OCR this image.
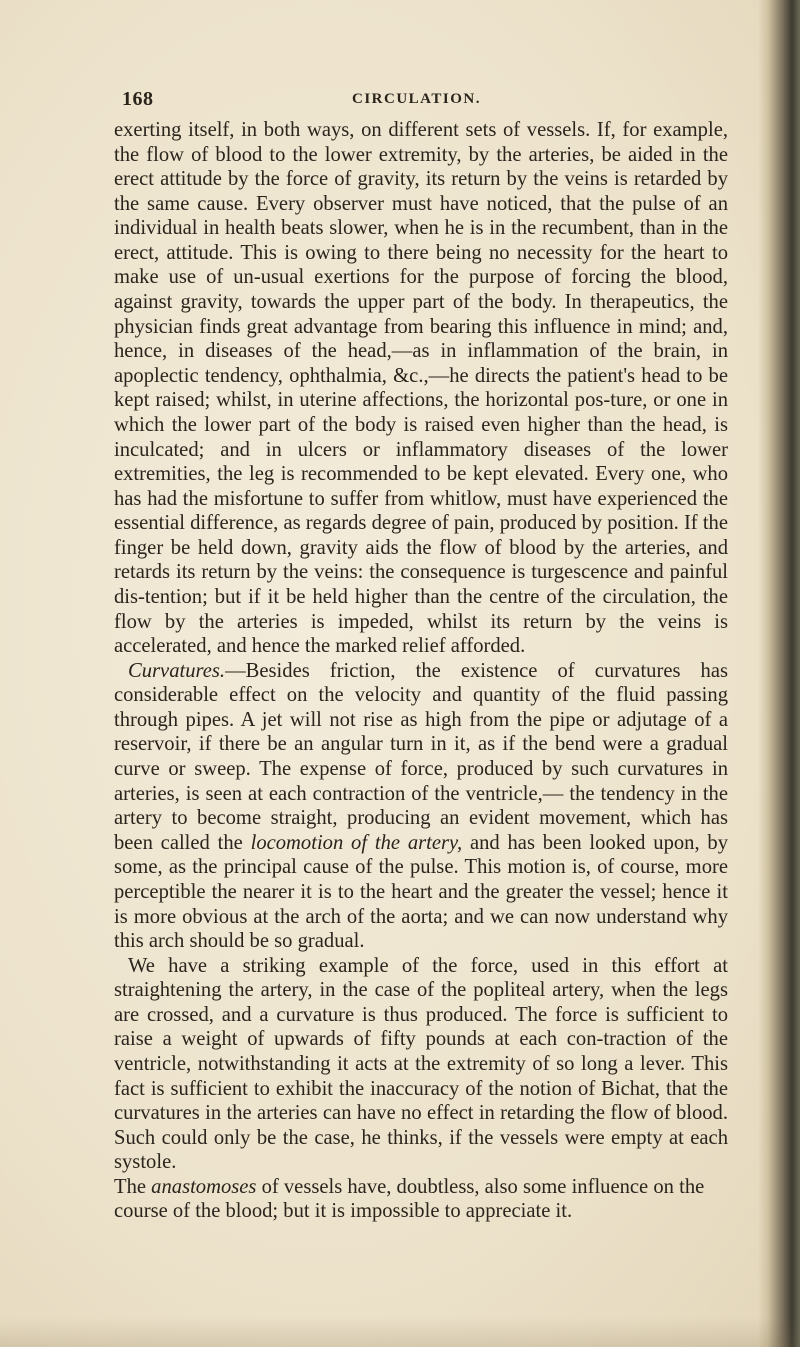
168	CIRCULATION.

exerting itself, in both ways, on different sets of vessels. If, for example, the flow of blood to the lower extremity, by the arteries, be aided in the erect attitude by the force of gravity, its return by the veins is retarded by the same cause. Every observer must have noticed, that the pulse of an individual in health beats slower, when he is in the recumbent, than in the erect, attitude. This is owing to there being no necessity for the heart to make use of un-usual exertions for the purpose of forcing the blood, against gravity, towards the upper part of the body. In therapeutics, the physician finds great advantage from bearing this influence in mind; and, hence, in diseases of the head,—as in inflammation of the brain, in apoplectic tendency, ophthalmia, &c.,—he directs the patient's head to be kept raised; whilst, in uterine affections, the horizontal pos-ture, or one in which the lower part of the body is raised even higher than the head, is inculcated; and in ulcers or inflammatory diseases of the lower extremities, the leg is recommended to be kept elevated. Every one, who has had the misfortune to suffer from whitlow, must have experienced the essential difference, as regards degree of pain, produced by position. If the finger be held down, gravity aids the flow of blood by the arteries, and retards its return by the veins: the consequence is turgescence and painful dis-tention; but if it be held higher than the centre of the circulation, the flow by the arteries is impeded, whilst its return by the veins is accelerated, and hence the marked relief afforded.

Curvatures.—Besides friction, the existence of curvatures has considerable effect on the velocity and quantity of the fluid passing through pipes. A jet will not rise as high from the pipe or adjutage of a reservoir, if there be an angular turn in it, as if the bend were a gradual curve or sweep. The expense of force, produced by such curvatures in arteries, is seen at each contraction of the ventricle,— the tendency in the artery to become straight, producing an evident movement, which has been called the locomotion of the artery, and has been looked upon, by some, as the principal cause of the pulse. This motion is, of course, more perceptible the nearer it is to the heart and the greater the vessel; hence it is more obvious at the arch of the aorta; and we can now understand why this arch should be so gradual.

We have a striking example of the force, used in this effort at straightening the artery, in the case of the popliteal artery, when the legs are crossed, and a curvature is thus produced. The force is sufficient to raise a weight of upwards of fifty pounds at each con-traction of the ventricle, notwithstanding it acts at the extremity of so long a lever. This fact is sufficient to exhibit the inaccuracy of the notion of Bichat, that the curvatures in the arteries can have no effect in retarding the flow of blood. Such could only be the case, he thinks, if the vessels were empty at each systole.

The anastomoses of vessels have, doubtless, also some influence on the course of the blood; but it is impossible to appreciate it.
